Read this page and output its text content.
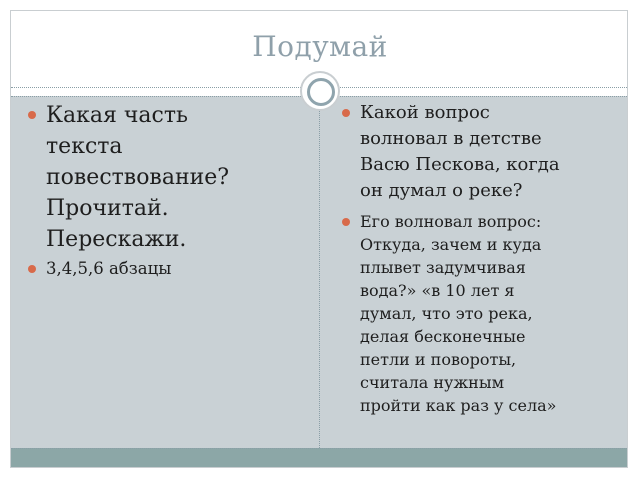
Подумай
Какая часть
текста
повествование?
Прочитай.
Перескажи.
3,4,5,6 абзацы
Какой вопрос
волновал в детстве
Васю Пескова, когда
он думал о реке?
Его волновал вопрос:
Откуда, зачем и куда
плывет задумчивая
вода?» «в 10 лет я
думал, что это река,
делая бесконечные
петли и повороты,
считала нужным
пройти как раз у села»
